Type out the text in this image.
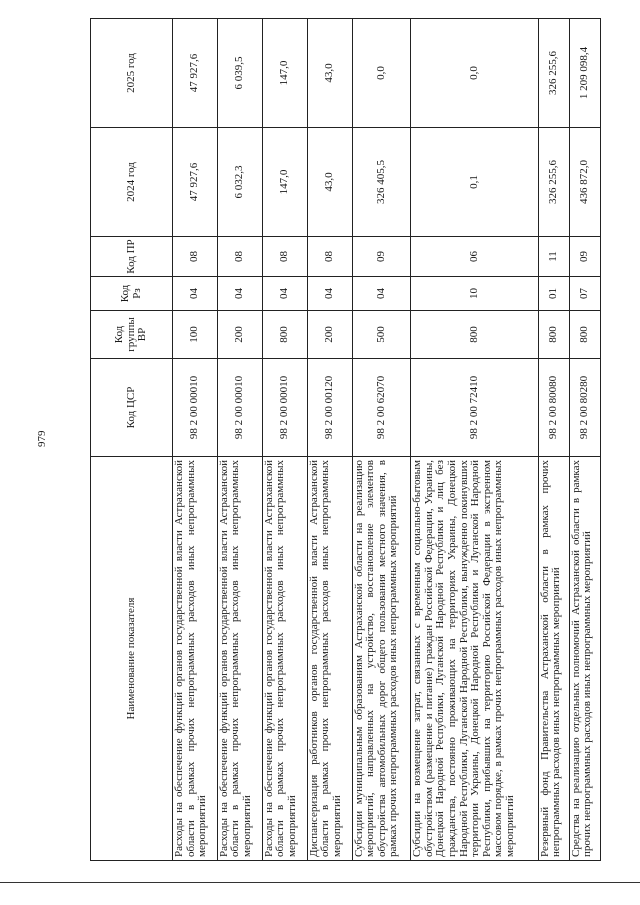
979
Наименование показателя	Код ЦСР	Код группы ВР	Код Рз	Код ПР	2024 год	2025 год
Расходы на обеспечение функций органов государственной власти Астраханской области в рамках прочих непрограммных расходов иных непрограммных мероприятий	98 2 00 00010	100	04	08	47 927,6	47 927,6
Расходы на обеспечение функций органов государственной власти Астраханской области в рамках прочих непрограммных расходов иных непрограммных мероприятий	98 2 00 00010	200	04	08	6 032,3	6 039,5
Расходы на обеспечение функций органов государственной власти Астраханской области в рамках прочих непрограммных расходов иных непрограммных мероприятий	98 2 00 00010	800	04	08	147,0	147,0
Диспансеризация работников органов государственной власти Астраханской области в рамках прочих непрограммных расходов иных непрограммных мероприятий	98 2 00 00120	200	04	08	43,0	43,0
Субсидии муниципальным образованиям Астраханской области на реализацию мероприятий, направленных на устройство, восстановление элементов обустройства автомобильных дорог общего пользования местного значения, в рамках прочих непрограммных расходов иных непрограммных мероприятий	98 2 00 62070	500	04	09	326 405,5	0,0
Субсидии на возмещение затрат, связанных с временным социально-бытовым обустройством (размещение и питание) граждан Российской Федерации, Украины, Донецкой Народной Республики, Луганской Народной Республики и лиц без гражданства, постоянно проживающих на территориях Украины, Донецкой Народной Республики, Луганской Народной Республики, вынужденно покинувших территории Украины, Донецкой Народной Республики и Луганской Народной Республики, прибывших на территорию Российской Федерации в экстренном массовом порядке, в рамках прочих непрограммных расходов иных непрограммных мероприятий	98 2 00 72410	800	10	06	0,1	0,0
Резервный фонд Правительства Астраханской области в рамках прочих непрограммных расходов иных непрограммных мероприятий	98 2 00 80080	800	01	11	326 255,6	326 255,6
Средства на реализацию отдельных полномочий Астраханской области в рамках прочих непрограммных расходов иных непрограммных мероприятий	98 2 00 80280	800	07	09	436 872,0	1 209 098,4
